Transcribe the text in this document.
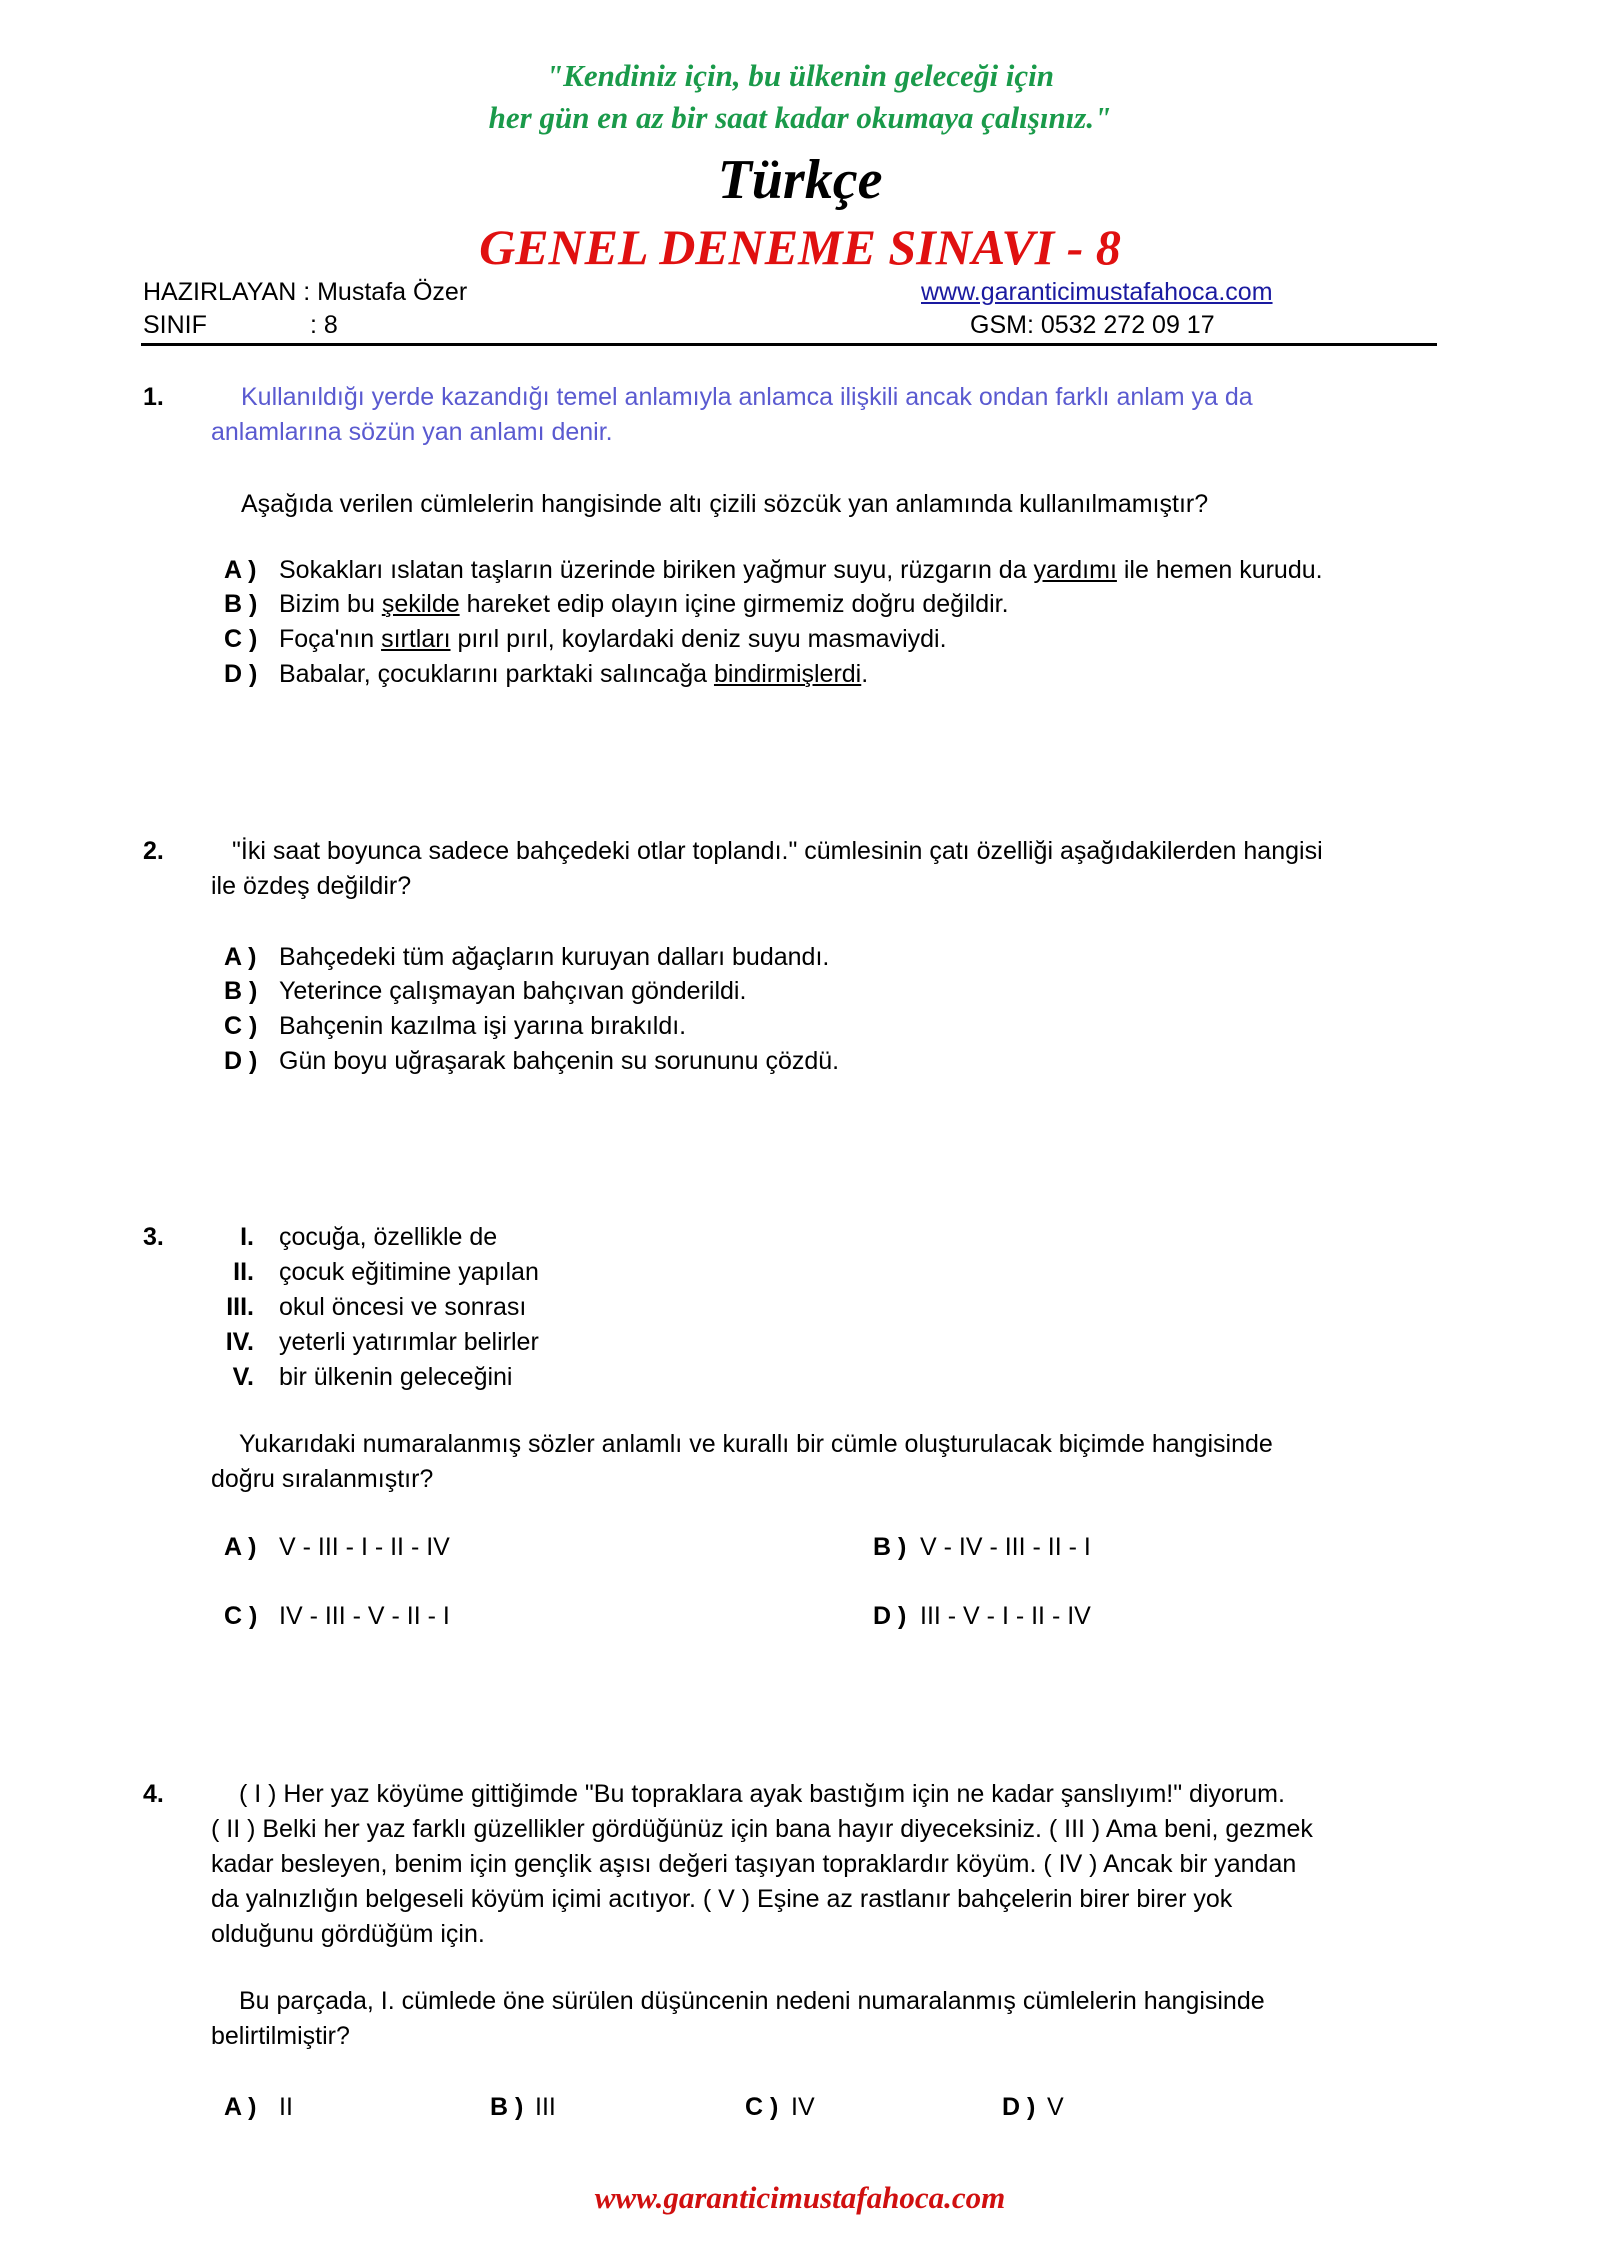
"Kendiniz için, bu ülkenin geleceği için
her gün en az bir saat kadar okumaya çalışınız."
Türkçe
GENEL DENEME SINAVI - 8
HAZIRLAYAN : Mustafa Özer	www.garanticimustafahoca.com
SINIF	: 8	GSM: 0532 272 09 17
1.	Kullanıldığı yerde kazandığı temel anlamıyla anlamca ilişkili ancak ondan farklı anlam ya da
anlamlarına sözün yan anlamı denir.
Aşağıda verilen cümlelerin hangisinde altı çizili sözcük yan anlamında kullanılmamıştır?
A ) Sokakları ıslatan taşların üzerinde biriken yağmur suyu, rüzgarın da yardımı ile hemen kurudu.
B ) Bizim bu şekilde hareket edip olayın içine girmemiz doğru değildir.
C ) Foça'nın sırtları pırıl pırıl, koylardaki deniz suyu masmaviydi.
D ) Babalar, çocuklarını parktaki salıncağa bindirmişlerdi.
2.	"İki saat boyunca sadece bahçedeki otlar toplandı." cümlesinin çatı özelliği aşağıdakilerden hangisi
ile özdeş değildir?
A ) Bahçedeki tüm ağaçların kuruyan dalları budandı.
B ) Yeterince çalışmayan bahçıvan gönderildi.
C ) Bahçenin kazılma işi yarına bırakıldı.
D ) Gün boyu uğraşarak bahçenin su sorununu çözdü.
3.	I. çocuğa, özellikle de
II. çocuk eğitimine yapılan
III. okul öncesi ve sonrası
IV. yeterli yatırımlar belirler
V. bir ülkenin geleceğini
Yukarıdaki numaralanmış sözler anlamlı ve kurallı bir cümle oluşturulacak biçimde hangisinde
doğru sıralanmıştır?
A ) V - III - I - II - IV	B ) V - IV - III - II - I
C ) IV - III - V - II - I	D ) III - V - I - II - IV
4.	( I ) Her yaz köyüme gittiğimde "Bu topraklara ayak bastığım için ne kadar şanslıyım!" diyorum.
( II ) Belki her yaz farklı güzellikler gördüğünüz için bana hayır diyeceksiniz. ( III ) Ama beni, gezmek
kadar besleyen, benim için gençlik aşısı değeri taşıyan topraklardır köyüm. ( IV ) Ancak bir yandan
da yalnızlığın belgeseli köyüm içimi acıtıyor. ( V ) Eşine az rastlanır bahçelerin birer birer yok
olduğunu gördüğüm için.
Bu parçada, I. cümlede öne sürülen düşüncenin nedeni numaralanmış cümlelerin hangisinde
belirtilmiştir?
A ) II	B ) III	C ) IV	D ) V
www.garanticimustafahoca.com
